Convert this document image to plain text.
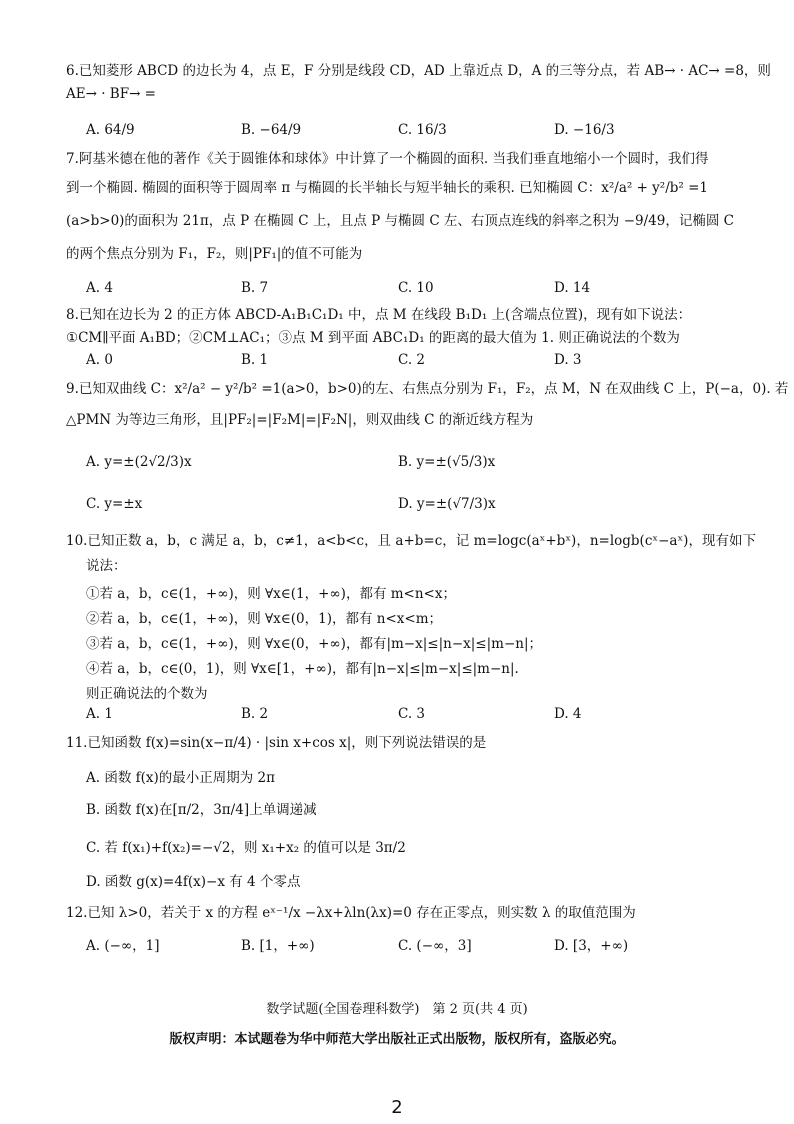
6.已知菱形 ABCD 的边长为 4，点 E，F 分别是线段 CD，AD 上靠近点 D，A 的三等分点，若 AB→ · AC→ =8，则
AE→ · BF→ =
A. 64/9	B. −64/9	C. 16/3	D. −16/3
7.阿基米德在他的著作《关于圆锥体和球体》中计算了一个椭圆的面积. 当我们垂直地缩小一个圆时，我们得
到一个椭圆. 椭圆的面积等于圆周率 π 与椭圆的长半轴长与短半轴长的乘积. 已知椭圆 C：x²/a² + y²/b² =1
(a>b>0)的面积为 21π，点 P 在椭圆 C 上，且点 P 与椭圆 C 左、右顶点连线的斜率之积为 −9/49，记椭圆 C
的两个焦点分别为 F₁，F₂，则|PF₁|的值不可能为
A. 4	B. 7	C. 10	D. 14
8.已知在边长为 2 的正方体 ABCD-A₁B₁C₁D₁ 中，点 M 在线段 B₁D₁ 上(含端点位置)，现有如下说法：
①CM∥平面 A₁BD；②CM⊥AC₁；③点 M 到平面 ABC₁D₁ 的距离的最大值为 1. 则正确说法的个数为
A. 0	B. 1	C. 2	D. 3
9.已知双曲线 C：x²/a² − y²/b² =1(a>0，b>0)的左、右焦点分别为 F₁，F₂，点 M，N 在双曲线 C 上，P(−a，0). 若
△PMN 为等边三角形，且|PF₂|=|F₂M|=|F₂N|，则双曲线 C 的渐近线方程为
A. y=±(2√2/3)x	B. y=±(√5/3)x
C. y=±x	D. y=±(√7/3)x
10.已知正数 a，b，c 满足 a，b，c≠1，a<b<c，且 a+b=c，记 m=logc(aˣ+bˣ)，n=logb(cˣ−aˣ)，现有如下
说法：
①若 a，b，c∈(1，+∞)，则 ∀x∈(1，+∞)，都有 m<n<x；
②若 a，b，c∈(1，+∞)，则 ∀x∈(0，1)，都有 n<x<m；
③若 a，b，c∈(1，+∞)，则 ∀x∈(0，+∞)，都有|m−x|≤|n−x|≤|m−n|；
④若 a，b，c∈(0，1)，则 ∀x∈[1，+∞)，都有|n−x|≤|m−x|≤|m−n|.
则正确说法的个数为
A. 1	B. 2	C. 3	D. 4
11.已知函数 f(x)=sin(x−π/4) · |sin x+cos x|，则下列说法错误的是
A. 函数 f(x)的最小正周期为 2π
B. 函数 f(x)在[π/2，3π/4]上单调递减
C. 若 f(x₁)+f(x₂)=−√2，则 x₁+x₂ 的值可以是 3π/2
D. 函数 g(x)=4f(x)−x 有 4 个零点
12.已知 λ>0，若关于 x 的方程 eˣ⁻¹/x −λx+λln(λx)=0 存在正零点，则实数 λ 的取值范围为
A. (−∞，1]	B. [1，+∞)	C. (−∞，3]	D. [3，+∞)
数学试题(全国卷理科数学)　第 2 页(共 4 页)
版权声明：本试题卷为华中师范大学出版社正式出版物，版权所有，盗版必究。
2
